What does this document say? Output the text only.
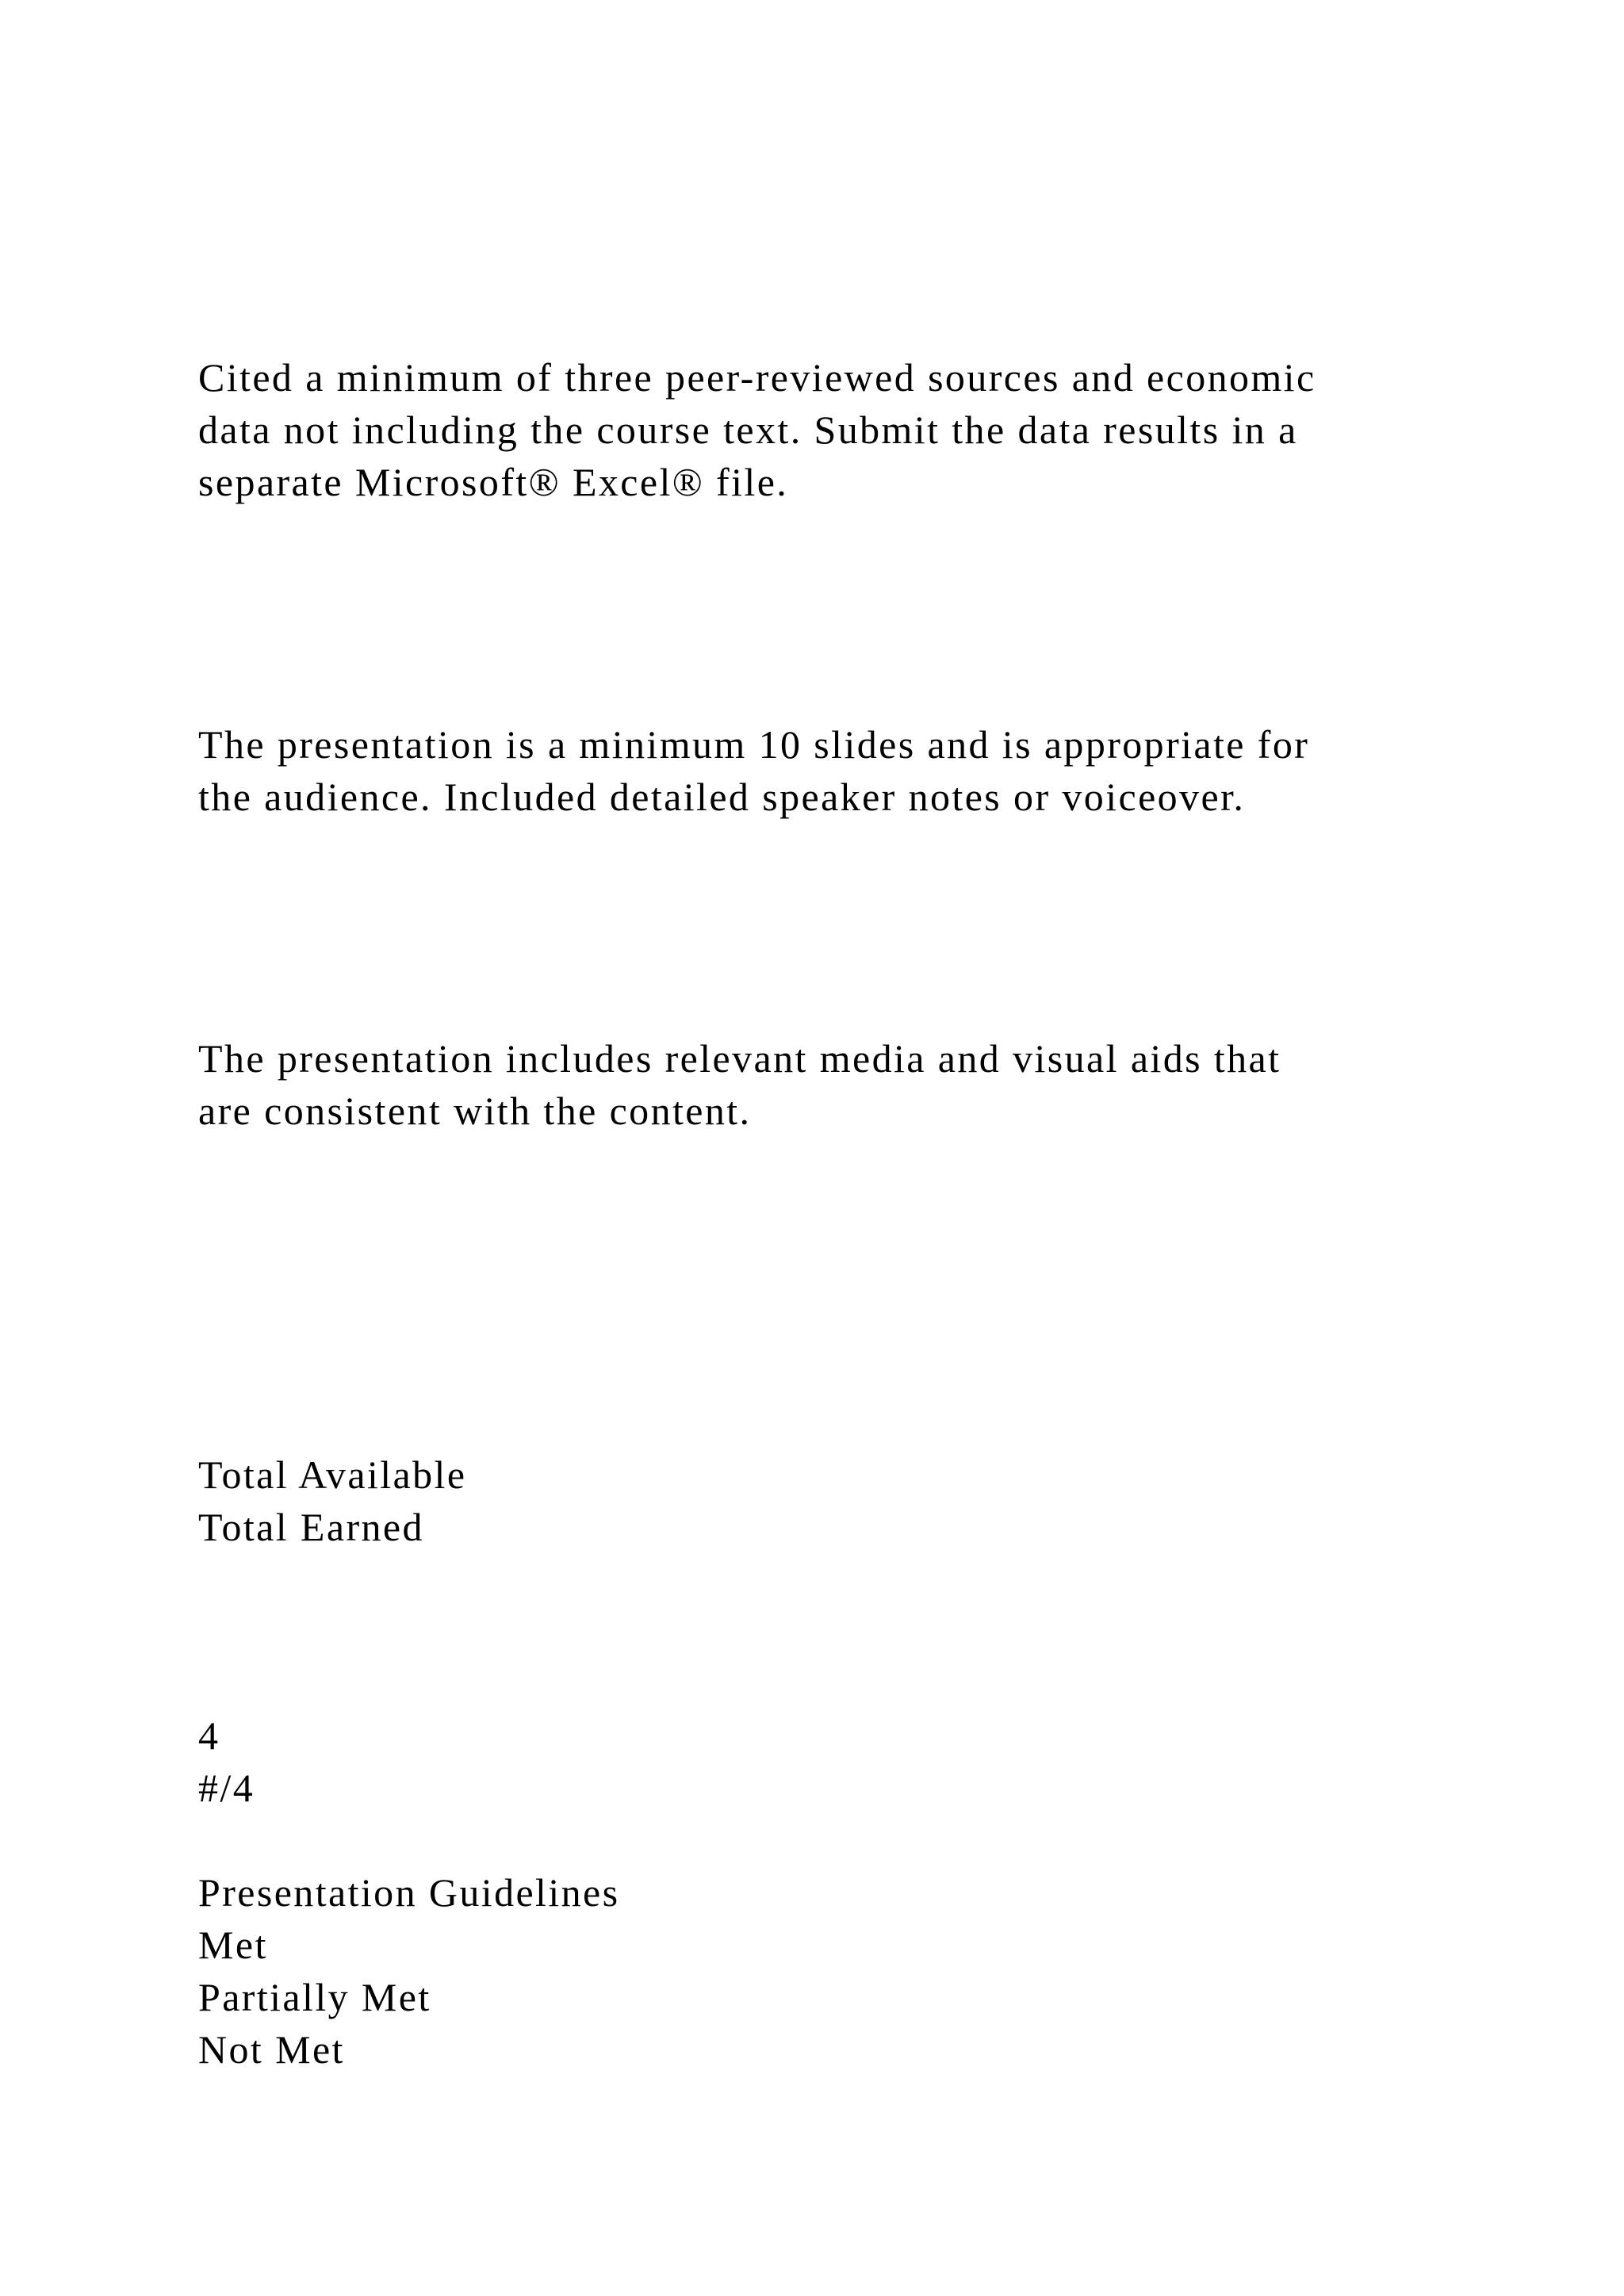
Cited a minimum of three peer-reviewed sources and economic

data not including the course text. Submit the data results in a

separate Microsoft® Excel® file.

The presentation is a minimum 10 slides and is appropriate for

the audience. Included detailed speaker notes or voiceover.

The presentation includes relevant media and visual aids that

are consistent with the content.

Total Available

Total Earned

4

#/4

Presentation Guidelines

Met

Partially Met

Not Met
